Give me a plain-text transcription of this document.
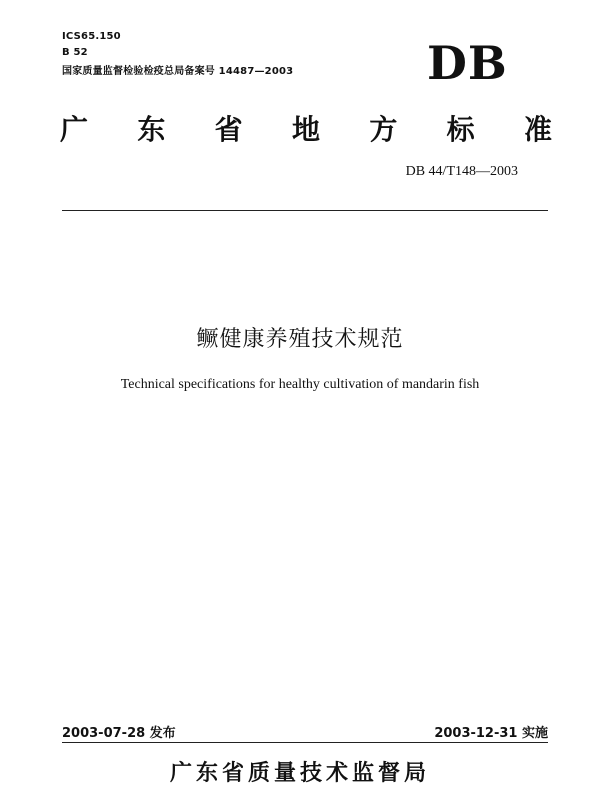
ICS65.150
B 52
国家质量监督检验检疫总局备案号 14487—2003	DB
广 东 省 地 方 标 准
DB 44/T148—2003
鳜健康养殖技术规范
Technical specifications for healthy cultivation of mandarin fish
2003-07-28 发布	2003-12-31 实施
广东省质量技术监督局
